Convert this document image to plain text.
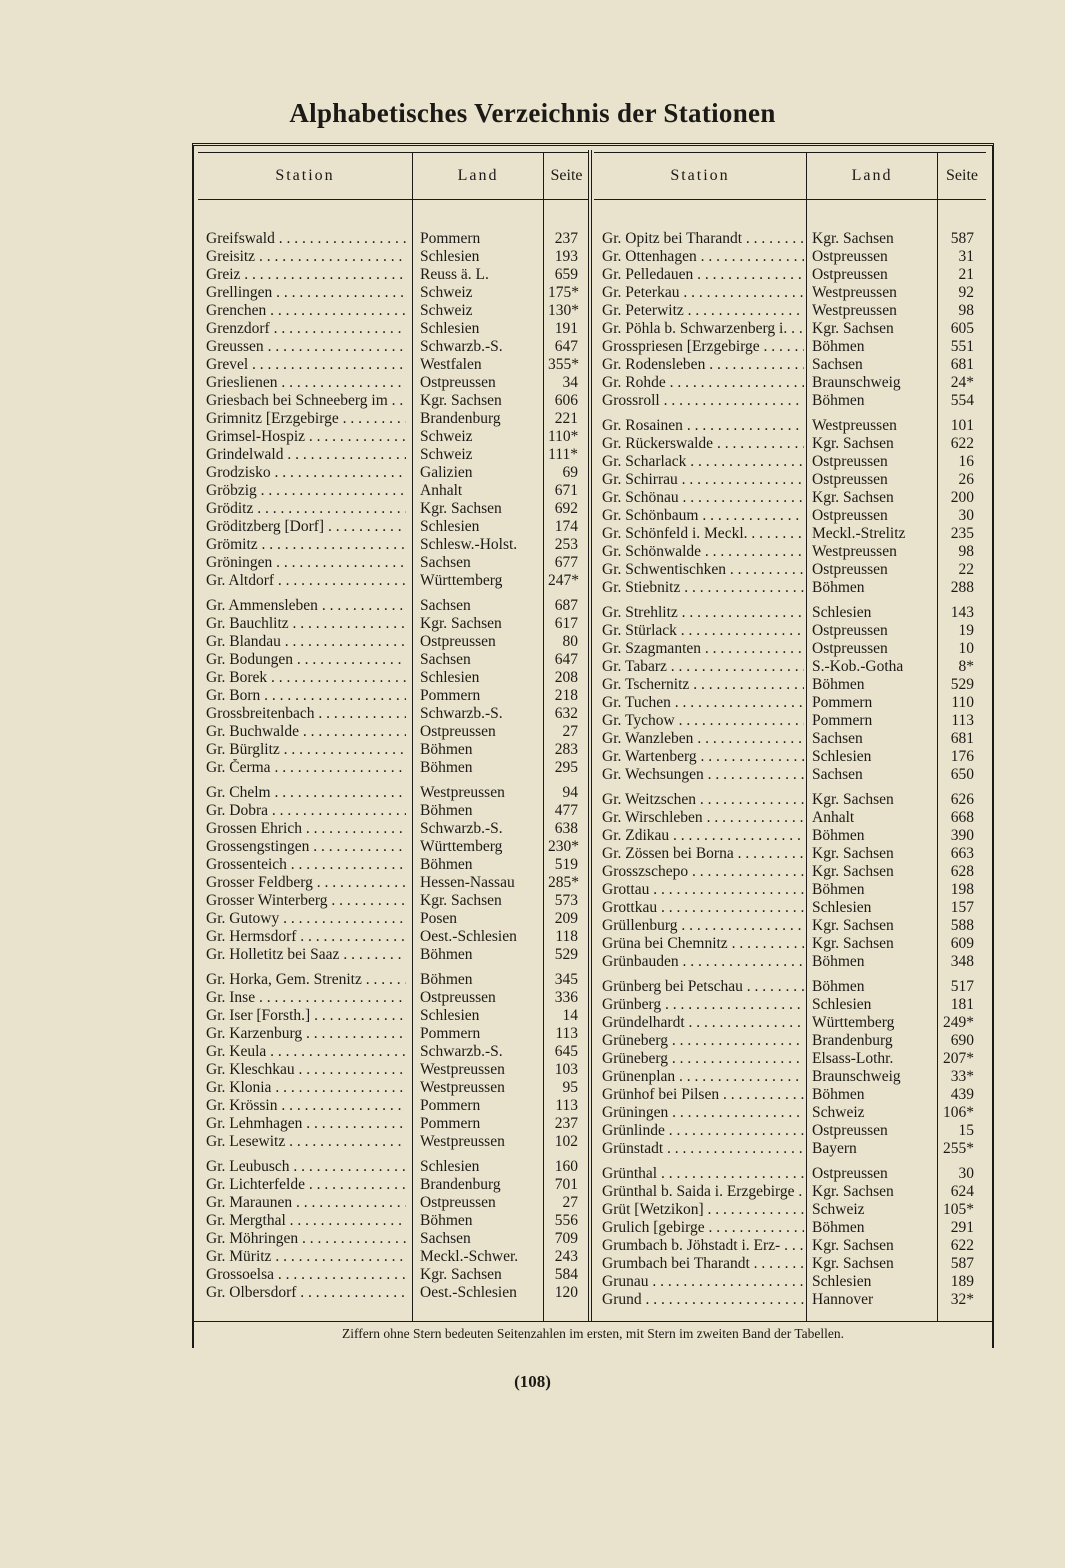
Alphabetisches Verzeichnis der Stationen
Station	Land	Seite
Greifswald . . .	Pommern	237
Greisitz . . .	Schlesien	193
Greiz . . .	Reuss ä. L.	659
Grellingen . . .	Schweiz	175*
Grenchen . . .	Schweiz	130*
Grenzdorf . . .	Schlesien	191
Greussen . . .	Schwarzb.-S.	647
Grevel . . .	Westfalen	355*
Grieslienen . . .	Ostpreussen	34
Griesbach bei Schneeberg im . . .	Kgr. Sachsen	606
Grimnitz [Erzgebirge . . .	Brandenburg	221
Grimsel-Hospiz . . .	Schweiz	110*
Grindelwald . . .	Schweiz	111*
Grodzisko . . .	Galizien	69
Gröbzig . . .	Anhalt	671
Gröditz . . .	Kgr. Sachsen	692
Gröditzberg [Dorf] . . .	Schlesien	174
Grömitz . . .	Schlesw.-Holst.	253
Gröningen . . .	Sachsen	677
Gr. Altdorf . . .	Württemberg	247*
Gr. Ammensleben . . .	Sachsen	687
Gr. Bauchlitz . . .	Kgr. Sachsen	617
Gr. Blandau . . .	Ostpreussen	80
Gr. Bodungen . . .	Sachsen	647
Gr. Borek . . .	Schlesien	208
Gr. Born . . .	Pommern	218
Grossbreitenbach . . .	Schwarzb.-S.	632
Gr. Buchwalde . . .	Ostpreussen	27
Gr. Bürglitz . . .	Böhmen	283
Gr. Čerma . . .	Böhmen	295
Gr. Chelm . . .	Westpreussen	94
Gr. Dobra . . .	Böhmen	477
Grossen Ehrich . . .	Schwarzb.-S.	638
Grossengstingen . . .	Württemberg	230*
Grossenteich . . .	Böhmen	519
Grosser Feldberg . . .	Hessen-Nassau	285*
Grosser Winterberg . . .	Kgr. Sachsen	573
Gr. Gutowy . . .	Posen	209
Gr. Hermsdorf . . .	Oest.-Schlesien	118
Gr. Holletitz bei Saaz . . .	Böhmen	529
Gr. Horka, Gem. Strenitz . . .	Böhmen	345
Gr. Inse . . .	Ostpreussen	336
Gr. Iser [Forsth.] . . .	Schlesien	14
Gr. Karzenburg . . .	Pommern	113
Gr. Keula . . .	Schwarzb.-S.	645
Gr. Kleschkau . . .	Westpreussen	103
Gr. Klonia . . .	Westpreussen	95
Gr. Krössin . . .	Pommern	113
Gr. Lehmhagen . . .	Pommern	237
Gr. Lesewitz . . .	Westpreussen	102
Gr. Leubusch . . .	Schlesien	160
Gr. Lichterfelde . . .	Brandenburg	701
Gr. Maraunen . . .	Ostpreussen	27
Gr. Mergthal . . .	Böhmen	556
Gr. Möhringen . . .	Sachsen	709
Gr. Müritz . . .	Meckl.-Schwer.	243
Grossoelsa . . .	Kgr. Sachsen	584
Gr. Olbersdorf . . .	Oest.-Schlesien	120
Station	Land	Seite
Gr. Opitz bei Tharandt . . .	Kgr. Sachsen	587
Gr. Ottenhagen . . .	Ostpreussen	31
Gr. Pelledauen . . .	Ostpreussen	21
Gr. Peterkau . . .	Westpreussen	92
Gr. Peterwitz . . .	Westpreussen	98
Gr. Pöhla b. Schwarzenberg i. . . .	Kgr. Sachsen	605
Grosspriesen [Erzgebirge . . .	Böhmen	551
Gr. Rodensleben . . .	Sachsen	681
Gr. Rohde . . .	Braunschweig	24*
Grossroll . . .	Böhmen	554
Gr. Rosainen . . .	Westpreussen	101
Gr. Rückerswalde . . .	Kgr. Sachsen	622
Gr. Scharlack . . .	Ostpreussen	16
Gr. Schirrau . . .	Ostpreussen	26
Gr. Schönau . . .	Kgr. Sachsen	200
Gr. Schönbaum . . .	Ostpreussen	30
Gr. Schönfeld i. Meckl. . . .	Meckl.-Strelitz	235
Gr. Schönwalde . . .	Westpreussen	98
Gr. Schwentischken . . .	Ostpreussen	22
Gr. Stiebnitz . . .	Böhmen	288
Gr. Strehlitz . . .	Schlesien	143
Gr. Stürlack . . .	Ostpreussen	19
Gr. Szagmanten . . .	Ostpreussen	10
Gr. Tabarz . . .	S.-Kob.-Gotha	8*
Gr. Tschernitz . . .	Böhmen	529
Gr. Tuchen . . .	Pommern	110
Gr. Tychow . . .	Pommern	113
Gr. Wanzleben . . .	Sachsen	681
Gr. Wartenberg . . .	Schlesien	176
Gr. Wechsungen . . .	Sachsen	650
Gr. Weitzschen . . .	Kgr. Sachsen	626
Gr. Wirschleben . . .	Anhalt	668
Gr. Zdikau . . .	Böhmen	390
Gr. Zössen bei Borna . . .	Kgr. Sachsen	663
Grosszschepo . . .	Kgr. Sachsen	628
Grottau . . .	Böhmen	198
Grottkau . . .	Schlesien	157
Grüllenburg . . .	Kgr. Sachsen	588
Grüna bei Chemnitz . . .	Kgr. Sachsen	609
Grünbauden . . .	Böhmen	348
Grünberg bei Petschau . . .	Böhmen	517
Grünberg . . .	Schlesien	181
Gründelhardt . . .	Württemberg	249*
Grüneberg . . .	Brandenburg	690
Grüneberg . . .	Elsass-Lothr.	207*
Grünenplan . . .	Braunschweig	33*
Grünhof bei Pilsen . . .	Böhmen	439
Grüningen . . .	Schweiz	106*
Grünlinde . . .	Ostpreussen	15
Grünstadt . . .	Bayern	255*
Grünthal . . .	Ostpreussen	30
Grünthal b. Saida i. Erzgebirge . . .	Kgr. Sachsen	624
Grüt [Wetzikon] . . .	Schweiz	105*
Grulich [gebirge . . .	Böhmen	291
Grumbach b. Jöhstadt i. Erz- . . .	Kgr. Sachsen	622
Grumbach bei Tharandt . . .	Kgr. Sachsen	587
Grunau . . .	Schlesien	189
Grund . . .	Hannover	32*
Ziffern ohne Stern bedeuten Seitenzahlen im ersten, mit Stern im zweiten Band der Tabellen.
(108)
